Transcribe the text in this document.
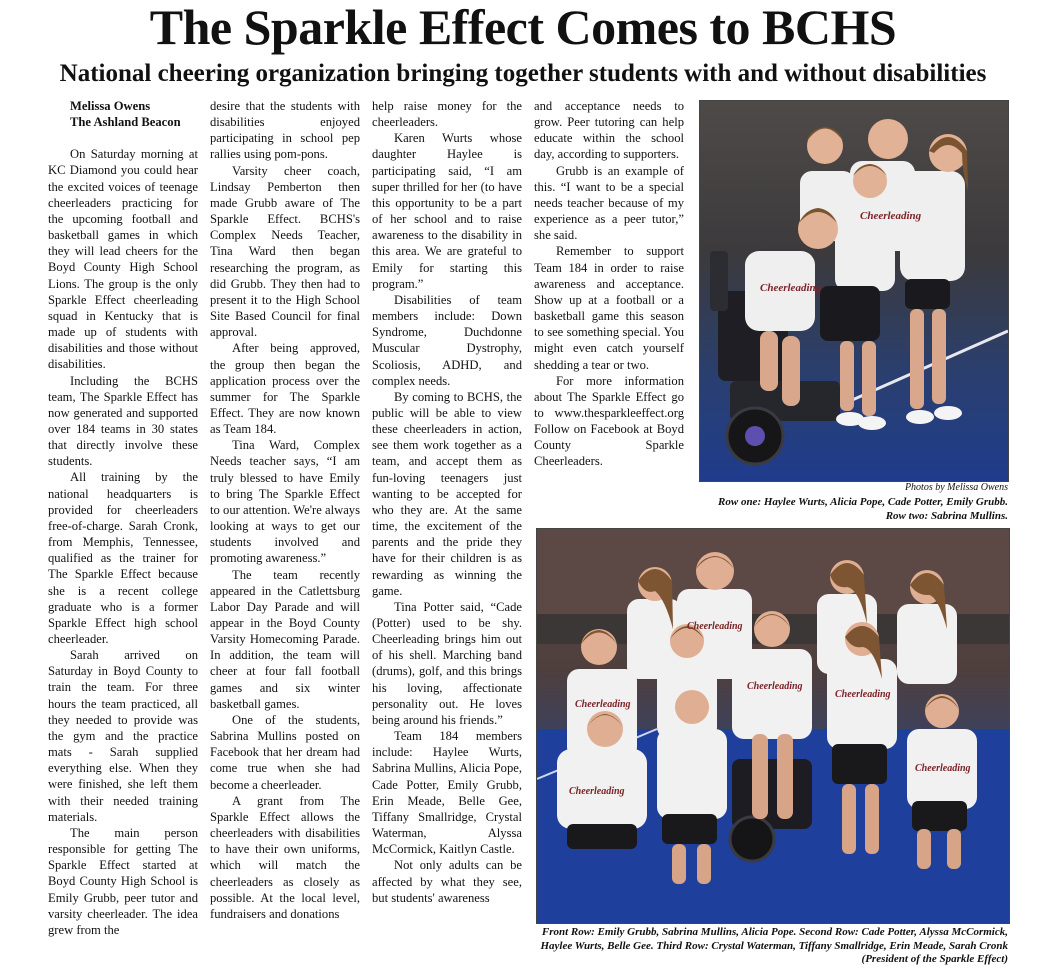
The Sparkle Effect Comes to BCHS
National cheering organization bringing together students with and without disabilities

Melissa Owens

The Ashland Beacon

On Saturday morning at KC Diamond you could hear the excited voices of teenage cheerleaders practicing for the upcoming football and basketball games in which they will lead cheers for the Boyd County High School Lions. The group is the only Sparkle Effect cheerleading squad in Kentucky that is made up of students with disabilities and those without disabilities.

Including the BCHS team, The Sparkle Effect has now generated and supported over 184 teams in 30 states that directly involve these students.

All training by the national headquarters is provided for cheerleaders free-of-charge. Sarah Cronk, from Memphis, Tennessee, qualified as the trainer for The Sparkle Effect because she is a recent college graduate who is a former Sparkle Effect high school cheerleader.

Sarah arrived on Saturday in Boyd County to train the team. For three hours the team practiced, all they needed to provide was the gym and the practice mats - Sarah supplied everything else. When they were finished, she left them with their needed training materials.

The main person responsible for getting The Sparkle Effect started at Boyd County High School is Emily Grubb, peer tutor and varsity cheerleader. The idea grew from the

desire that the students with disabilities enjoyed participating in school pep rallies using pom-pons.

Varsity cheer coach, Lindsay Pemberton then made Grubb aware of The Sparkle Effect. BCHS's Complex Needs Teacher, Tina Ward then began researching the program, as did Grubb. They then had to present it to the High School Site Based Council for final approval.

After being approved, the group then began the application process over the summer for The Sparkle Effect. They are now known as Team 184.

Tina Ward, Complex Needs teacher says, “I am truly blessed to have Emily to bring The Sparkle Effect to our attention. We're always looking at ways to get our students involved and promoting awareness.”

The team recently appeared in the Catlettsburg Labor Day Parade and will appear in the Boyd County Varsity Homecoming Parade. In addition, the team will cheer at four fall football games and six winter basketball games.

One of the students, Sabrina Mullins posted on Facebook that her dream had come true when she had become a cheerleader.

A grant from The Sparkle Effect allows the cheerleaders with disabilities to have their own uniforms, which will match the cheerleaders as closely as possible. At the local level, fundraisers and donations

help raise money for the cheerleaders.

Karen Wurts whose daughter Haylee is participating said, “I am super thrilled for her (to have this opportunity to be a part of her school and to raise awareness to the disability in this area. We are grateful to Emily for starting this program.”

Disabilities of team members include: Down Syndrome, Duchdonne Muscular Dystrophy, Scoliosis, ADHD, and complex needs.

By coming to BCHS, the public will be able to view these cheerleaders in action, see them work together as a team, and accept them as fun-loving teenagers just wanting to be accepted for who they are. At the same time, the excitement of the parents and the pride they have for their children is as rewarding as winning the game.

Tina Potter said, “Cade (Potter) used to be shy. Cheerleading brings him out of his shell. Marching band (drums), golf, and this brings his loving, affectionate personality out. He loves being around his friends.”

Team 184 members include: Haylee Wurts, Sabrina Mullins, Alicia Pope, Cade Potter, Emily Grubb, Erin Meade, Belle Gee, Tiffany Smallridge, Crystal Waterman, Alyssa McCormick, Kaitlyn Castle.

Not only adults can be affected by what they see, but students' awareness

and acceptance needs to grow. Peer tutoring can help educate within the school day, according to supporters.

Grubb is an example of this. “I want to be a special needs teacher because of my experience as a peer tutor,” she said.

Remember to support Team 184 in order to raise awareness and acceptance. Show up at a football or a basketball game this season to see something special. You might even catch yourself shedding a tear or two.

For more information about The Sparkle Effect go to www.thesparkleeffect.org Follow on Facebook at Boyd County Sparkle Cheerleaders.

Cheerleading
Cheerleading
Photos by Melissa Owens
Row one: Haylee Wurts, Alicia Pope, Cade Potter, Emily Grubb. Row two: Sabrina Mullins.
Cheerleading
Cheerleading
Cheerleading
Cheerleading
Cheerleading
Cheerleading
Front Row: Emily Grubb, Sabrina Mullins, Alicia Pope. Second Row: Cade Potter, Alyssa McCormick, Haylee Wurts, Belle Gee. Third Row: Crystal Waterman, Tiffany Smallridge, Erin Meade, Sarah Cronk (President of the Sparkle Effect)
